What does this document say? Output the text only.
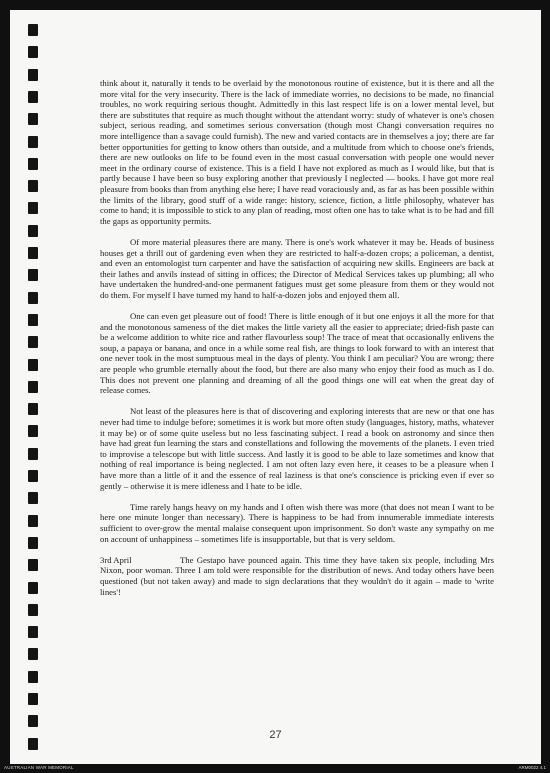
think about it, naturally it tends to be overlaid by the monotonous routine of existence, but it is there and all the more vital for the very insecurity. There is the lack of immediate worries, no decisions to be made, no financial troubles, no work requiring serious thought. Admittedly in this last respect life is on a lower mental level, but there are substitutes that require as much thought without the attendant worry: study of whatever is one's chosen subject, serious reading, and sometimes serious conversation (though most Changi conversation requires no more intelligence than a savage could furnish). The new and varied contacts are in themselves a joy; there are far better opportunities for getting to know others than outside, and a multitude from which to choose one's friends, there are new outlooks on life to be found even in the most casual conversation with people one would never meet in the ordinary course of existence. This is a field I have not explored as much as I would like, but that is partly because I have been so busy exploring another that previously I neglected — books. I have got more real pleasure from books than from anything else here; I have read voraciously and, as far as has been possible within the limits of the library, good stuff of a wide range: history, science, fiction, a little philosophy, whatever has come to hand; it is impossible to stick to any plan of reading, most often one has to take what is to be had and fill the gaps as opportunity permits.

Of more material pleasures there are many. There is one's work whatever it may be. Heads of business houses get a thrill out of gardening even when they are restricted to half-a-dozen crops; a policeman, a dentist, and even an entomologist turn carpenter and have the satisfaction of acquiring new skills. Engineers are back at their lathes and anvils instead of sitting in offices; the Director of Medical Services takes up plumbing; all who have undertaken the hundred-and-one permanent fatigues must get some pleasure from them or they would not do them. For myself I have turned my hand to half-a-dozen jobs and enjoyed them all.

One can even get pleasure out of food! There is little enough of it but one enjoys it all the more for that and the monotonous sameness of the diet makes the little variety all the easier to appreciate; dried-fish paste can be a welcome addition to white rice and rather flavourless soup! The trace of meat that occasionally enlivens the soup, a papaya or banana, and once in a while some real fish, are things to look forward to with an interest that one never took in the most sumptuous meal in the days of plenty. You think I am peculiar? You are wrong; there are people who grumble eternally about the food, but there are also many who enjoy their food as much as I do. This does not prevent one planning and dreaming of all the good things one will eat when the great day of release comes.

Not least of the pleasures here is that of discovering and exploring interests that are new or that one has never had time to indulge before; sometimes it is work but more often study (languages, history, maths, whatever it may be) or of some quite useless but no less fascinating subject. I read a book on astronomy and since then have had great fun learning the stars and constellations and following the movements of the planets. I even tried to improvise a telescope but with little success. And lastly it is good to be able to laze sometimes and know that nothing of real importance is being neglected. I am not often lazy even here, it ceases to be a pleasure when I have more than a little of it and the essence of real laziness is that one's conscience is pricking even if ever so gently – otherwise it is mere idleness and I hate to be idle.

Time rarely hangs heavy on my hands and I often wish there was more (that does not mean I want to be here one minute longer than necessary). There is happiness to be had from innumerable immediate interests sufficient to over-grow the mental malaise consequent upon imprisonment. So don't waste any sympathy on me on account of unhappiness – sometimes life is insupportable, but that is very seldom.

3rd April	The Gestapo have pounced again. This time they have taken six people, including Mrs Nixon, poor woman. Three I am told were responsible for the distribution of news. And today others have been questioned (but not taken away) and made to sign declarations that they wouldn't do it again – made to 'write lines'!

27
AUSTRALIAN WAR MEMORIAL	ARM0022 4.1
